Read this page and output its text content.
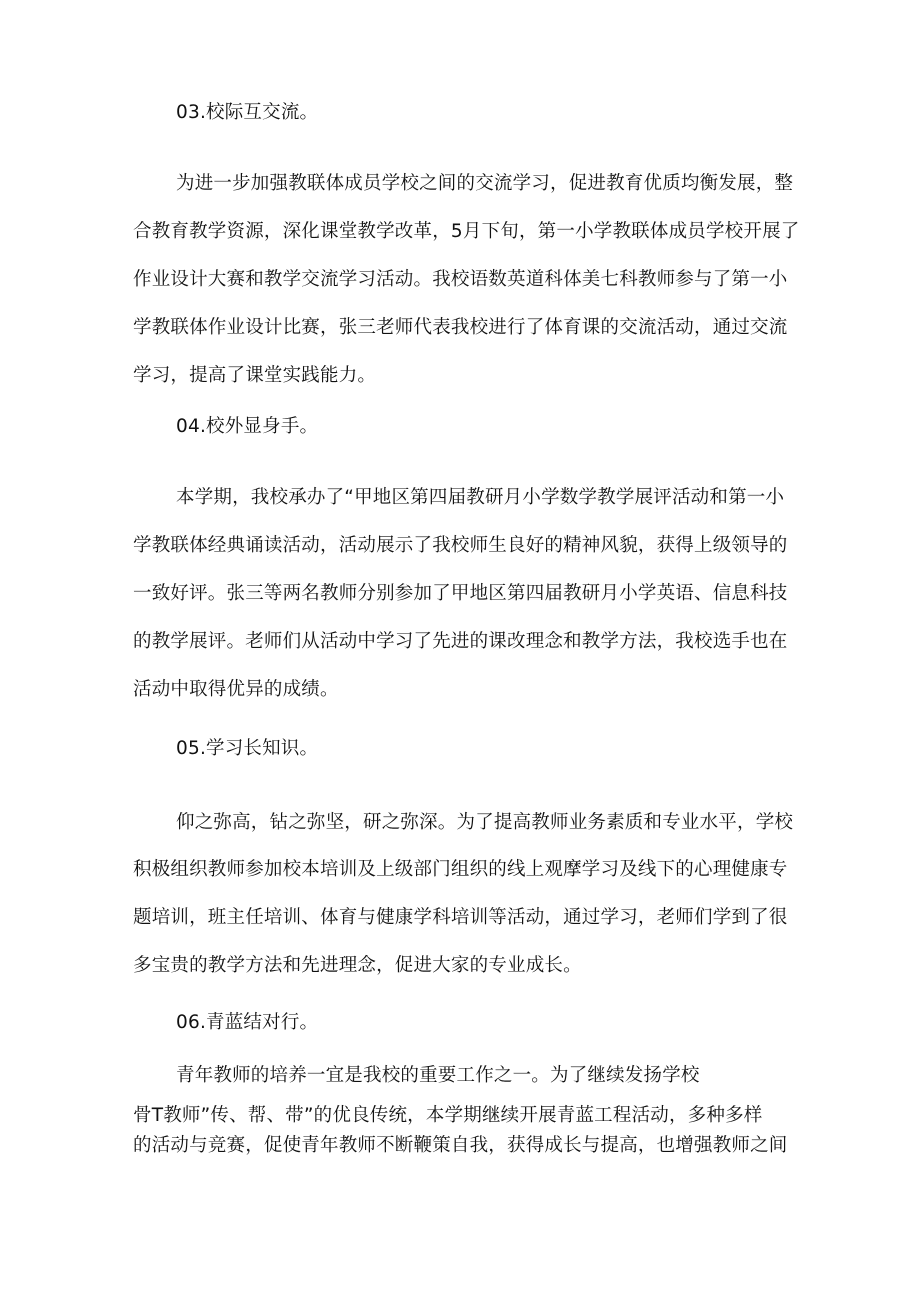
03.校际互交流。

为进一步加强教联体成员学校之间的交流学习，促进教育优质均衡发展，整

合教育教学资源，深化课堂教学改革，5月下旬，第一小学教联体成员学校开展了

作业设计大赛和教学交流学习活动。我校语数英道科体美七科教师参与了第一小

学教联体作业设计比赛，张三老师代表我校进行了体育课的交流活动，通过交流

学习，提高了课堂实践能力。

04.校外显身手。

本学期，我校承办了“甲地区第四届教研月小学数学教学展评活动和第一小

学教联体经典诵读活动，活动展示了我校师生良好的精神风貌，获得上级领导的

一致好评。张三等两名教师分别参加了甲地区第四届教研月小学英语、信息科技

的教学展评。老师们从活动中学习了先进的课改理念和教学方法，我校选手也在

活动中取得优异的成绩。

05.学习长知识。

仰之弥高，钻之弥坚，研之弥深。为了提高教师业务素质和专业水平，学校

积极组织教师参加校本培训及上级部门组织的线上观摩学习及线下的心理健康专

题培训，班主任培训、体育与健康学科培训等活动，通过学习，老师们学到了很

多宝贵的教学方法和先进理念，促进大家的专业成长。

06.青蓝结对行。

青年教师的培养一宜是我校的重要工作之一。为了继续发扬学校

骨T教师”传、帮、带”的优良传统，本学期继续开展青蓝工程活动，多种多样

的活动与竞赛，促使青年教师不断鞭策自我，获得成长与提高，也增强教师之间
